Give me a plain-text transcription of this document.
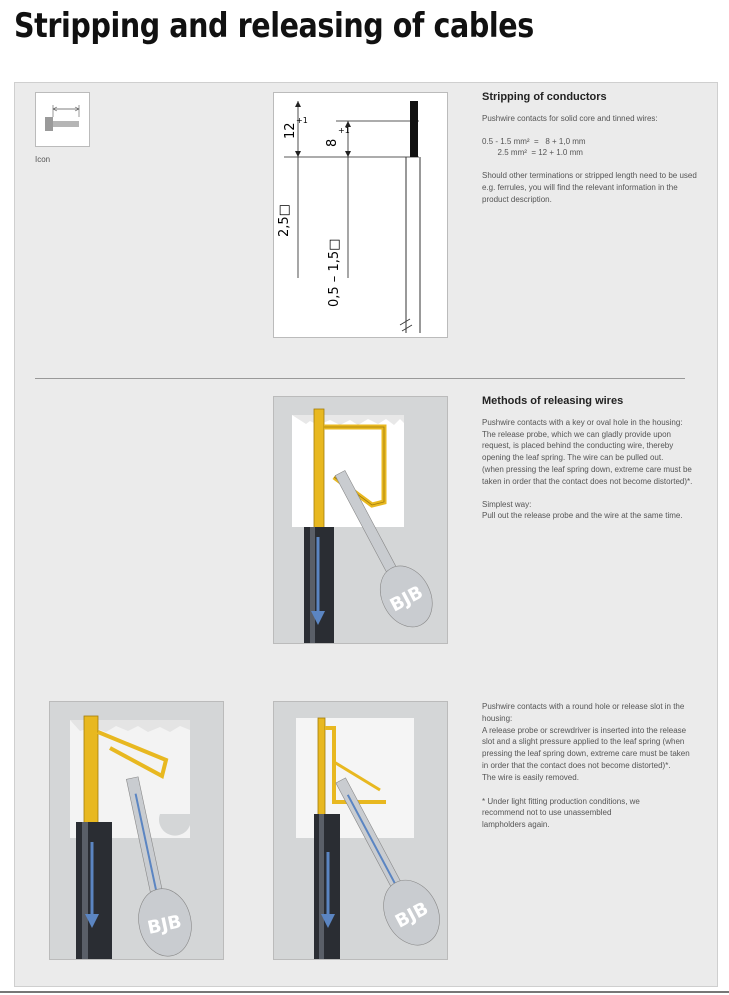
Stripping and releasing of cables
Icon
12
+1
8
+1
2,5□
0,5 – 1,5□
Stripping of conductors

Pushwire contacts for solid core and tinned wires:

0.5 - 1.5 mm²  =   8 + 1,0 mm

2.5 mm²  = 12 + 1.0 mm

Should other terminations or stripped length need to be used e.g. ferrules, you will find the relevant information in the product description.

BJB
Methods of releasing wires

Pushwire contacts with a key or oval hole in the housing:
The release probe, which we can gladly provide upon request, is placed behind the conducting wire, thereby opening the leaf spring. The wire can be pulled out.
(when pressing the leaf spring down, extreme care must be taken in order that the contact does not become distorted)*.

Simplest way:
Pull out the release probe and the wire at the same time.

BJB	BJB

Pushwire contacts with a round hole or release slot in the housing:
A release probe or screwdriver is inserted into the release slot and a slight pressure applied to the leaf spring (when pressing the leaf spring down, extreme care must be taken in order that the contact does not become distorted)*.
The wire is easily removed.

* Under light fitting production conditions, we
recommend not to use unassembled
lampholders again.
